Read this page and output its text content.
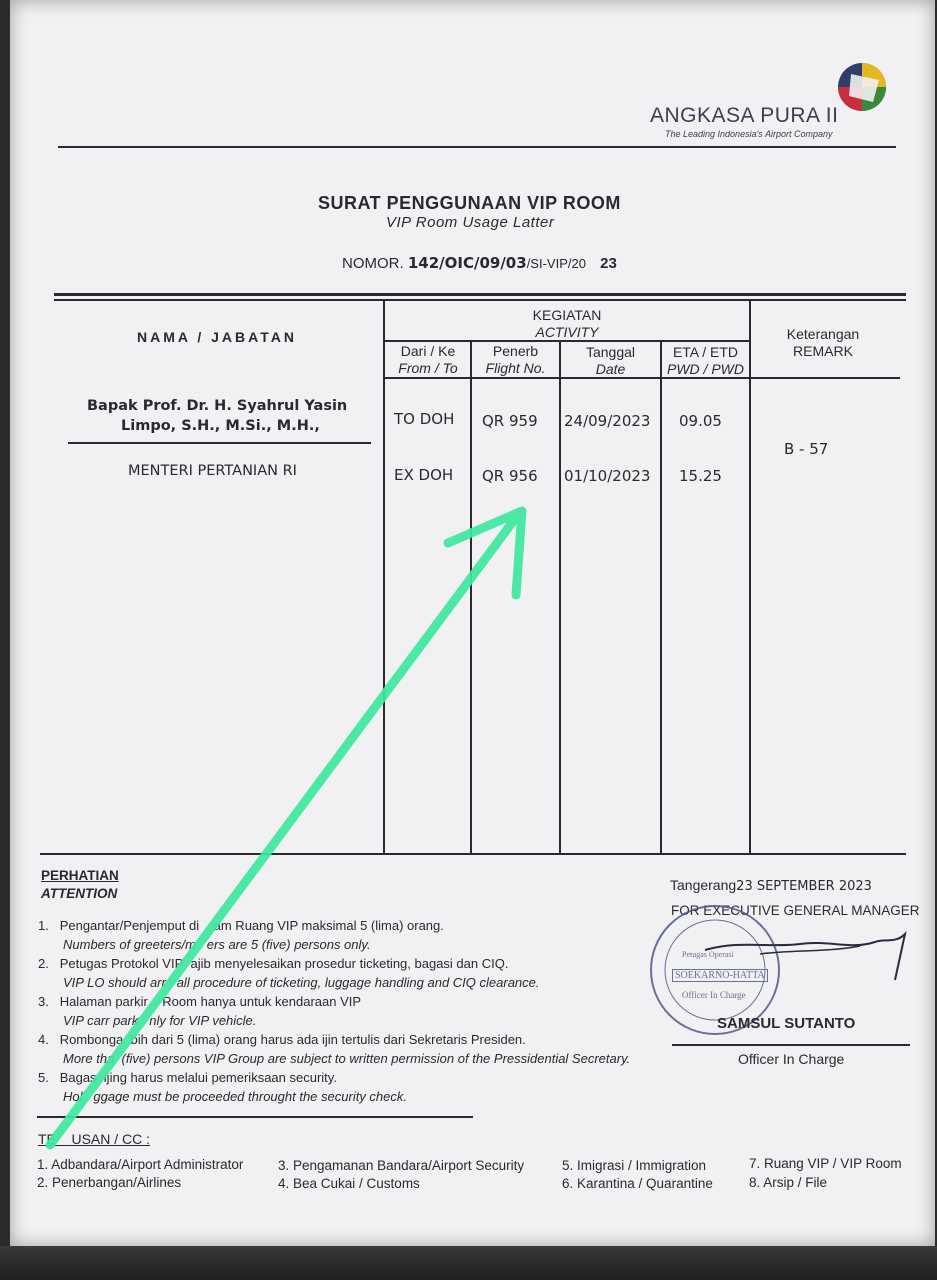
ANGKASA PURA II
The Leading Indonesia's Airport Company
SURAT PENGGUNAAN VIP ROOM
VIP Room Usage Latter
NOMOR. 142/OIC/09/03/SI-VIP/20 23
NAMA / JABATAN
KEGIATAN
ACTIVITY
Dari / Ke
From / To
Penerb
Flight No.
Tanggal
Date
ETA / ETD
PWD / PWD
Keterangan
REMARK
Bapak Prof. Dr. H. Syahrul Yasin
Limpo, S.H., M.Si., M.H.,
MENTERI PERTANIAN RI
TO DOH QR 959 24/09/2023 09.05
EX DOH QR 956 01/10/2023 15.25
B - 57
PERHATIAN
ATTENTION
1. Pengantar/Penjemput di    am Ruang VIP maksimal 5 (lima) orang.
Numbers of greeters/m ers are 5 (five) persons only.
2. Petugas Protokol VIP ajib menyelesaikan prosedur ticketing, bagasi dan CIQ.
VIP LO should arr all procedure of ticketing, luggage handling and CIQ clearance.
3. Halaman parkir    Room hanya untuk kendaraan VIP
VIP carr park nly for VIP vehicle.
4. Rombonga bih dari 5 (lima) orang harus ada ijin tertulis dari Sekretaris Presiden.
More tha (five) persons VIP Group are subject to written permission of the Pressidential Secretary.
5. Bagas ijing harus melalui pemeriksaan security.
Hol ggage must be proceeded throught the security check.
Tangerang23 SEPTEMBER 2023
FOR EXECUTIVE GENERAL MANAGER
Petugas Operasi
SOEKARNO-HATTA
Officer In Charge
SAMSUL SUTANTO
Officer In Charge
TE USAN / CC :
1. Adbandara/Airport Administrator
2. Penerbangan/Airlines
3. Pengamanan Bandara/Airport Security
4. Bea Cukai / Customs
5. Imigrasi / Immigration
6. Karantina / Quarantine
7. Ruang VIP / VIP Room
8. Arsip / File
